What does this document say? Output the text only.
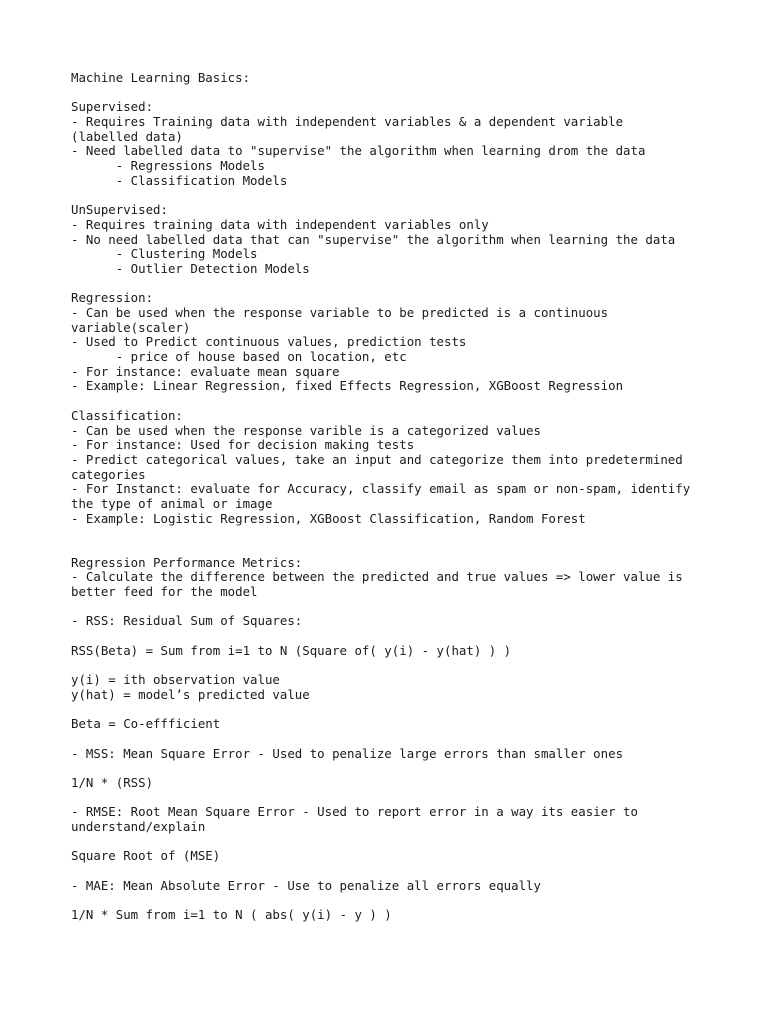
Machine Learning Basics:
Supervised:
- Requires Training data with independent variables & a dependent variable
(labelled data)
- Need labelled data to "supervise" the algorithm when learning drom the data
- Regressions Models
- Classification Models
UnSupervised:
- Requires training data with independent variables only
- No need labelled data that can "supervise" the algorithm when learning the data
- Clustering Models
- Outlier Detection Models
Regression:
- Can be used when the response variable to be predicted is a continuous
variable(scaler)
- Used to Predict continuous values, prediction tests
- price of house based on location, etc
- For instance: evaluate mean square
- Example: Linear Regression, fixed Effects Regression, XGBoost Regression
Classification:
- Can be used when the response varible is a categorized values
- For instance: Used for decision making tests
- Predict categorical values, take an input and categorize them into predetermined
categories
- For Instanct: evaluate for Accuracy, classify email as spam or non-spam, identify
the type of animal or image
- Example: Logistic Regression, XGBoost Classification, Random Forest
Regression Performance Metrics:
- Calculate the difference between the predicted and true values => lower value is
better feed for the model
- RSS: Residual Sum of Squares:
RSS(Beta) = Sum from i=1 to N (Square of( y(i) - y(hat) ) )
y(i) = ith observation value
y(hat) = model’s predicted value
Beta = Co-effficient
- MSS: Mean Square Error - Used to penalize large errors than smaller ones
1/N * (RSS)
- RMSE: Root Mean Square Error - Used to report error in a way its easier to
understand/explain
Square Root of (MSE)
- MAE: Mean Absolute Error - Use to penalize all errors equally
1/N * Sum from i=1 to N ( abs( y(i) - y ) )
